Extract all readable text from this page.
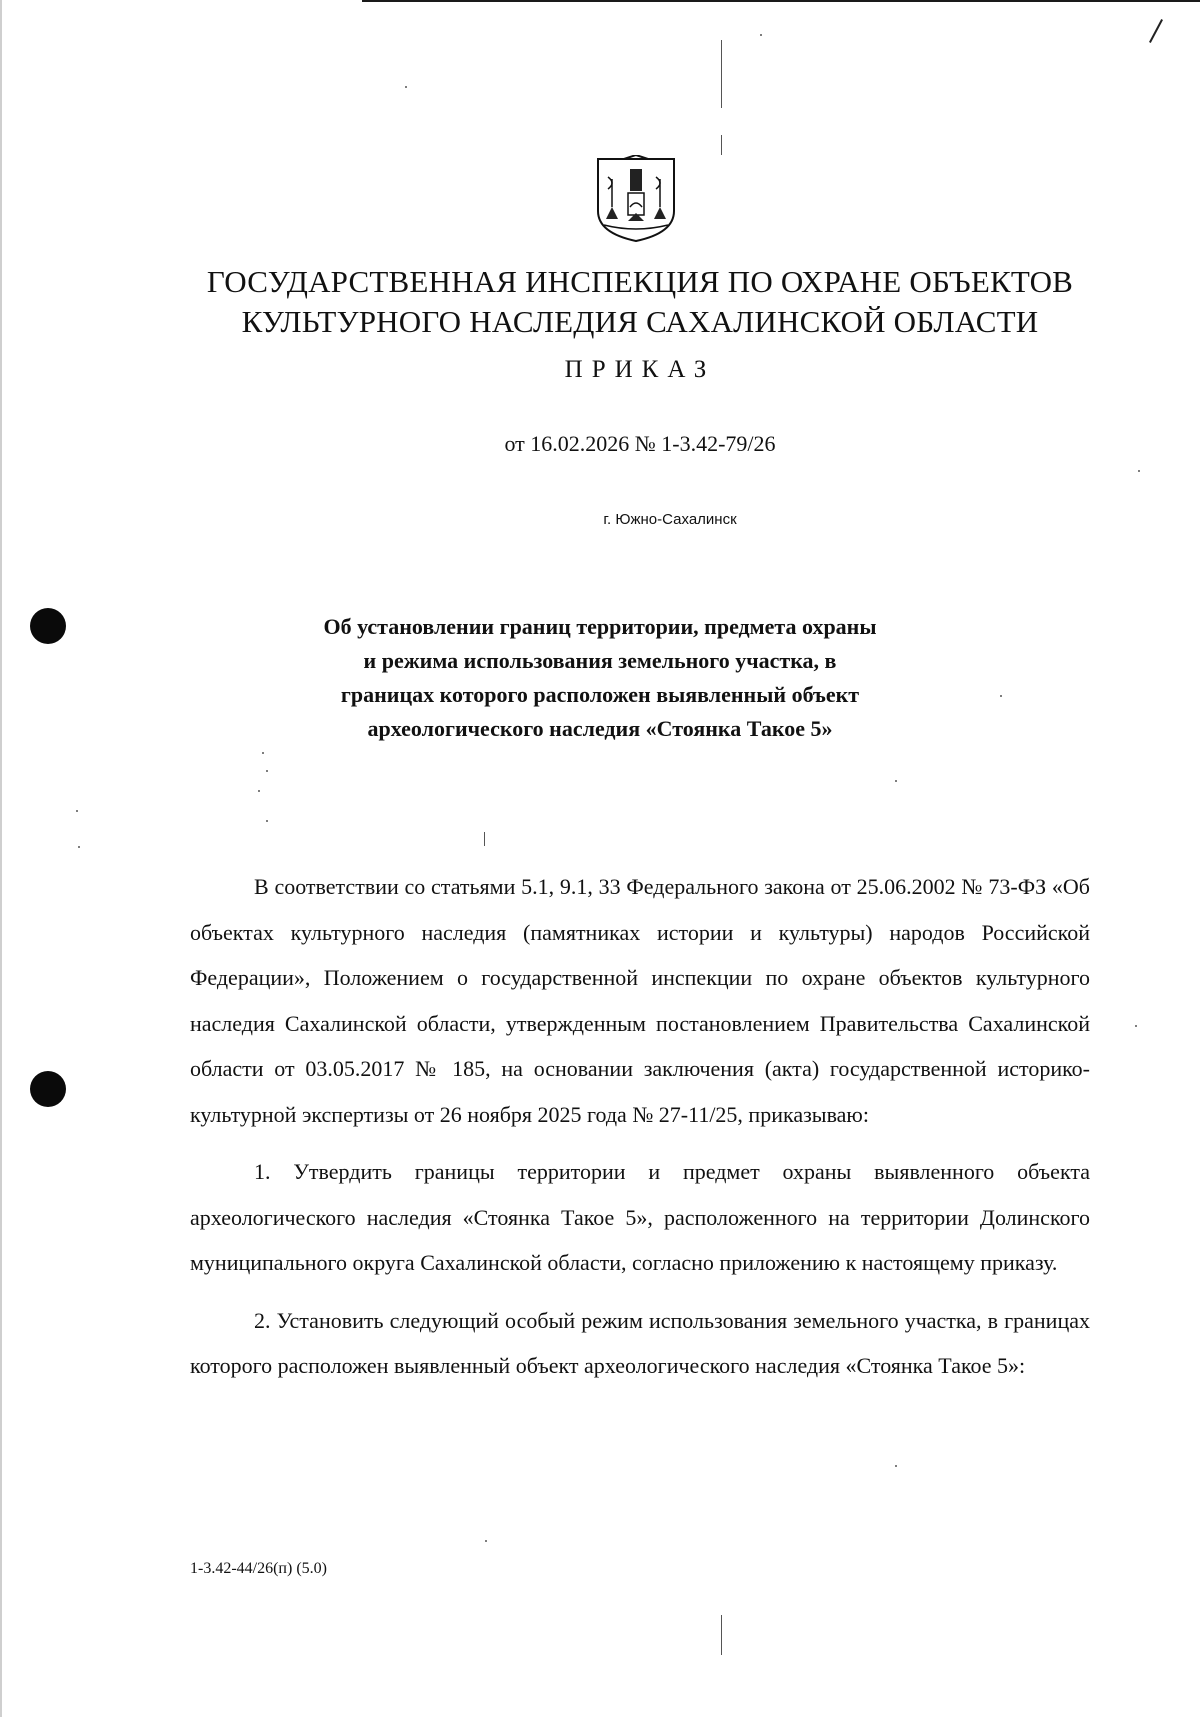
ГОСУДАРСТВЕННАЯ ИНСПЕКЦИЯ ПО ОХРАНЕ ОБЪЕКТОВ
КУЛЬТУРНОГО НАСЛЕДИЯ САХАЛИНСКОЙ ОБЛАСТИ
ПРИКАЗ
от 16.02.2026 № 1-3.42-79/26
г. Южно-Сахалинск
Об установлении границ территории, предмета охраны
и режима использования земельного участка, в
границах которого расположен выявленный объект
археологического наследия «Стоянка Такое 5»

В соответствии со статьями 5.1, 9.1, 33 Федерального закона от 25.06.2002 № 73-ФЗ «Об объектах культурного наследия (памятниках истории и культуры) народов Российской Федерации», Положением о государственной инспекции по охране объектов культурного наследия Сахалинской области, утвержденным постановлением Правительства Сахалинской области от 03.05.2017 № 185, на основании заключения (акта) государственной историко-культурной экспертизы от 26 ноября 2025 года № 27-11/25, приказываю:

1. Утвердить границы территории и предмет охраны выявленного объекта археологического наследия «Стоянка Такое 5», расположенного на территории Долинского муниципального округа Сахалинской области, согласно приложению к настоящему приказу.

2. Установить следующий особый режим использования земельного участка, в границах которого расположен выявленный объект археологического наследия «Стоянка Такое 5»:

1-3.42-44/26(п) (5.0)
